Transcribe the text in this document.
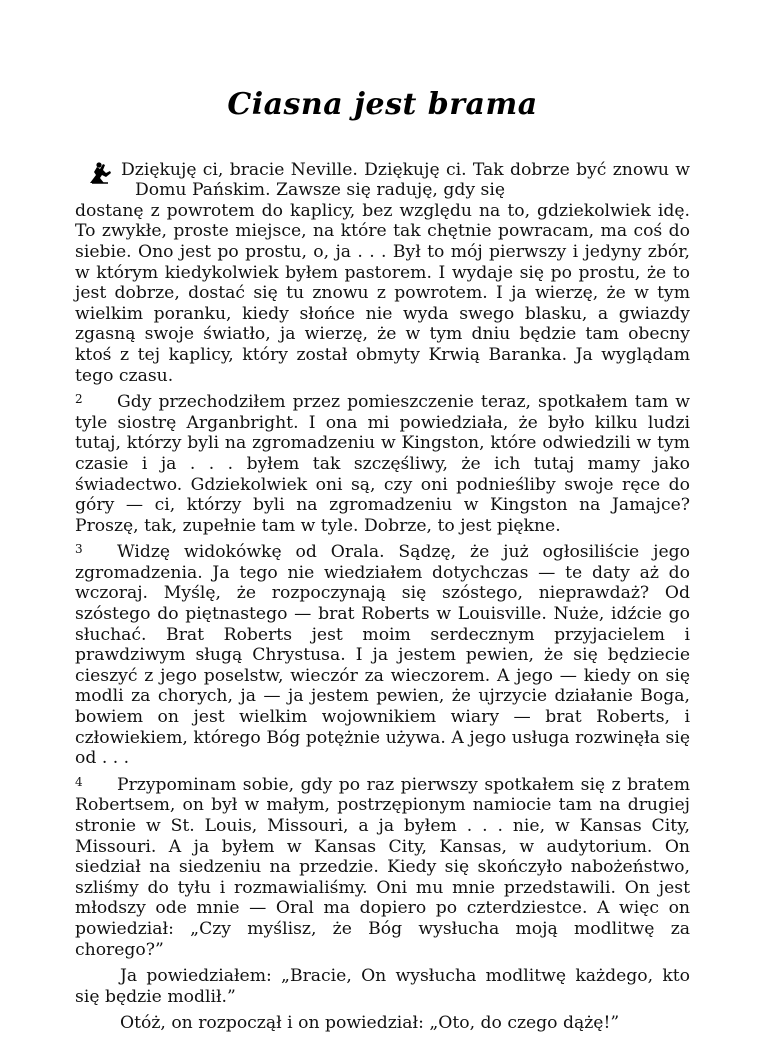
Ciasna jest brama

Dziękuję ci, bracie Neville. Dziękuję ci. Tak dobrze być znowu w Domu Pańskim. Zawsze się raduję, gdy się
dostanę z powrotem do kaplicy, bez względu na to, gdziekolwiek idę. To zwykłe, proste miejsce, na które tak chętnie powracam, ma coś do siebie. Ono jest po prostu, o, ja . . . Był to mój pierwszy i jedyny zbór, w którym kiedykolwiek byłem pastorem. I wydaje się po prostu, że to jest dobrze, dostać się tu znowu z powrotem. I ja wierzę, że w tym wielkim poranku, kiedy słońce nie wyda swego blasku, a gwiazdy zgasną swoje światło, ja wierzę, że w tym dniu będzie tam obecny ktoś z tej kaplicy, który został obmyty Krwią Baranka. Ja wyglądam tego czasu.

2 Gdy przechodziłem przez pomieszczenie teraz, spotkałem tam w tyle siostrę Arganbright. I ona mi powiedziała, że było kilku ludzi tutaj, którzy byli na zgromadzeniu w Kingston, które odwiedzili w tym czasie i ja . . . byłem tak szczęśliwy, że ich tutaj mamy jako świadectwo. Gdziekolwiek oni są, czy oni podnieśliby swoje ręce do góry — ci, którzy byli na zgromadzeniu w Kingston na Jamajce? Proszę, tak, zupełnie tam w tyle. Dobrze, to jest piękne.

3 Widzę widokówkę od Orala. Sądzę, że już ogłosiliście jego zgromadzenia. Ja tego nie wiedziałem dotychczas — te daty aż do wczoraj. Myślę, że rozpoczynają się szóstego, nieprawdaż? Od szóstego do piętnastego — brat Roberts w Louisville. Nuże, idźcie go słuchać. Brat Roberts jest moim serdecznym przyjacielem i prawdziwym sługą Chrystusa. I ja jestem pewien, że się będziecie cieszyć z jego poselstw, wieczór za wieczorem. A jego — kiedy on się modli za chorych, ja — ja jestem pewien, że ujrzycie działanie Boga, bowiem on jest wielkim wojownikiem wiary — brat Roberts, i człowiekiem, którego Bóg potężnie używa. A jego usługa rozwinęła się od . . .

4 Przypominam sobie, gdy po raz pierwszy spotkałem się z bratem Robertsem, on był w małym, postrzępionym namiocie tam na drugiej stronie w St. Louis, Missouri, a ja byłem . . . nie, w Kansas City, Missouri. A ja byłem w Kansas City, Kansas, w audytorium. On siedział na siedzeniu na przedzie. Kiedy się skończyło nabożeństwo, szliśmy do tyłu i rozmawialiśmy. Oni mu mnie przedstawili. On jest młodszy ode mnie — Oral ma dopiero po czterdziestce. A więc on powiedział: „Czy myślisz, że Bóg wysłucha moją modlitwę za chorego?”

Ja powiedziałem: „Bracie, On wysłucha modlitwę każdego, kto się będzie modlił.”

Otóż, on rozpoczął i on powiedział: „Oto, do czego dążę!”
